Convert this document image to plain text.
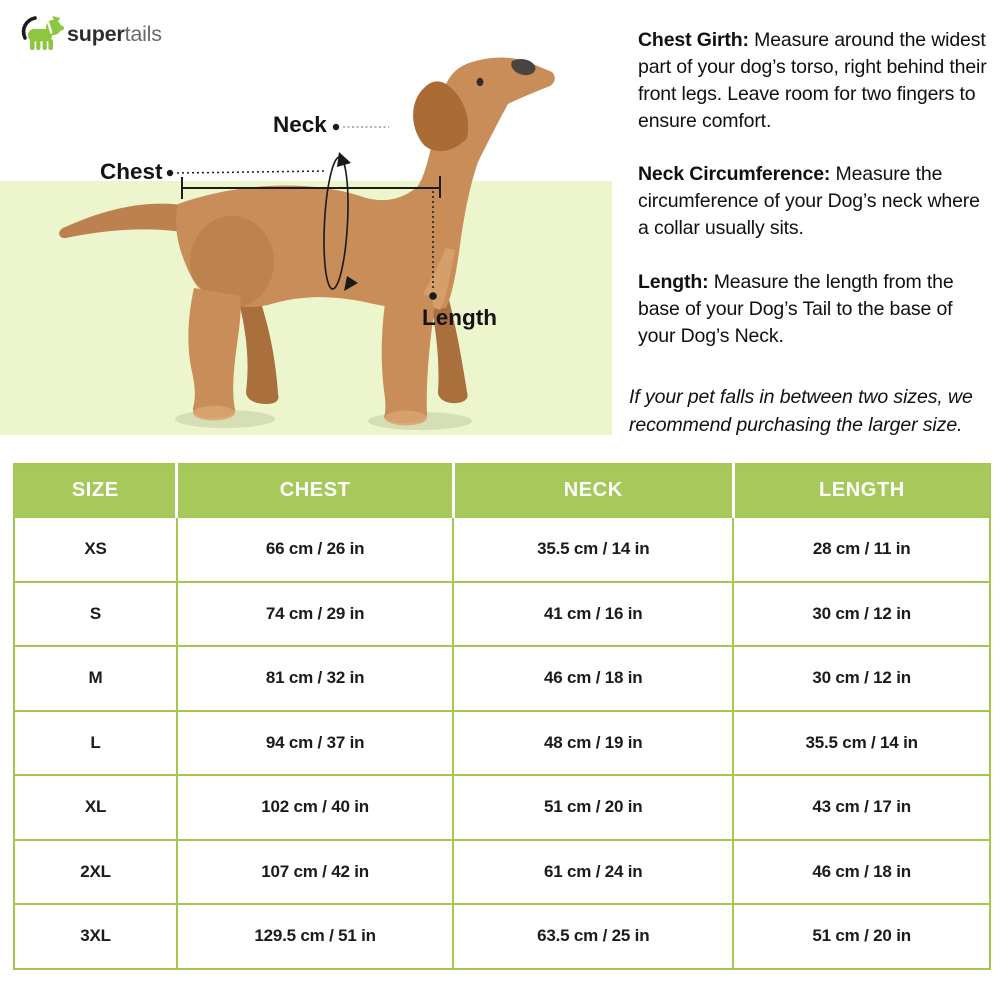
supertails
Neck
Chest
Length
Chest Girth: Measure around the widest part of your dog’s torso, right behind their front legs. Leave room for two fingers to ensure comfort.
Neck Circumference: Measure the circumference of your Dog’s neck where a collar usually sits.
Length: Measure the length from the base of your Dog’s Tail to the base of your Dog’s Neck.
If your pet falls in between two sizes, we recommend purchasing the larger size.
SIZE	CHEST	NECK	LENGTH
XS	66 cm / 26 in	35.5 cm / 14 in	28 cm / 11 in
S	74 cm / 29 in	41 cm / 16 in	30 cm / 12 in
M	81 cm / 32 in	46 cm / 18 in	30 cm / 12 in
L	94 cm / 37 in	48 cm / 19 in	35.5 cm / 14 in
XL	102 cm / 40 in	51 cm / 20 in	43 cm / 17 in
2XL	107 cm / 42 in	61 cm / 24 in	46 cm / 18 in
3XL	129.5 cm / 51 in	63.5 cm / 25 in	51 cm / 20 in
